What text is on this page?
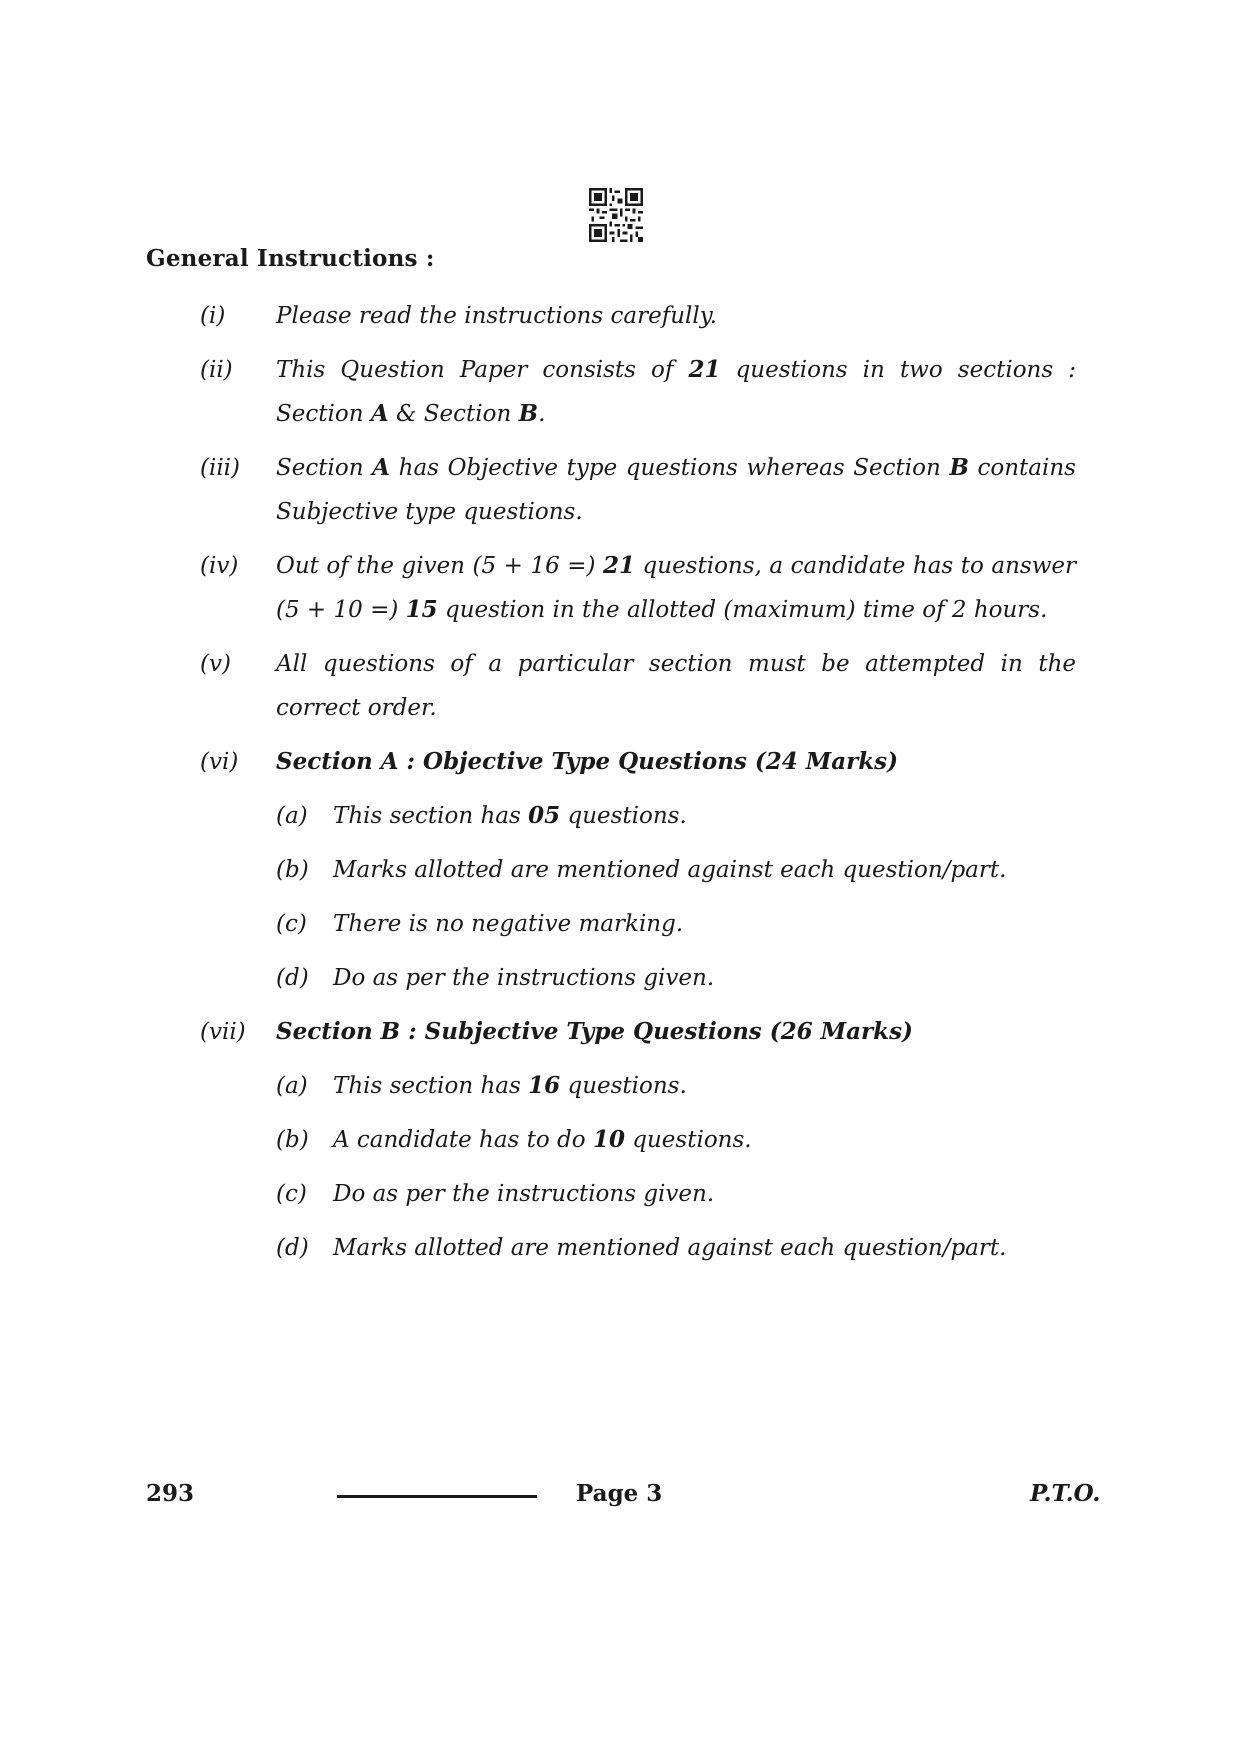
General Instructions :
(i) Please read the instructions carefully.
(ii) This Question Paper consists of 21 questions in two sections : Section A & Section B.
(iii) Section A has Objective type questions whereas Section B contains Subjective type questions.
(iv) Out of the given (5 + 16 =) 21 questions, a candidate has to answer (5 + 10 =) 15 question in the allotted (maximum) time of 2 hours.
(v) All questions of a particular section must be attempted in the correct order.
(vi) Section A : Objective Type Questions (24 Marks)
(a) This section has 05 questions.
(b) Marks allotted are mentioned against each question/part.
(c) There is no negative marking.
(d) Do as per the instructions given.
(vii) Section B : Subjective Type Questions (26 Marks)
(a) This section has 16 questions.
(b) A candidate has to do 10 questions.
(c) Do as per the instructions given.
(d) Marks allotted are mentioned against each question/part.
293	Page 3	P.T.O.
